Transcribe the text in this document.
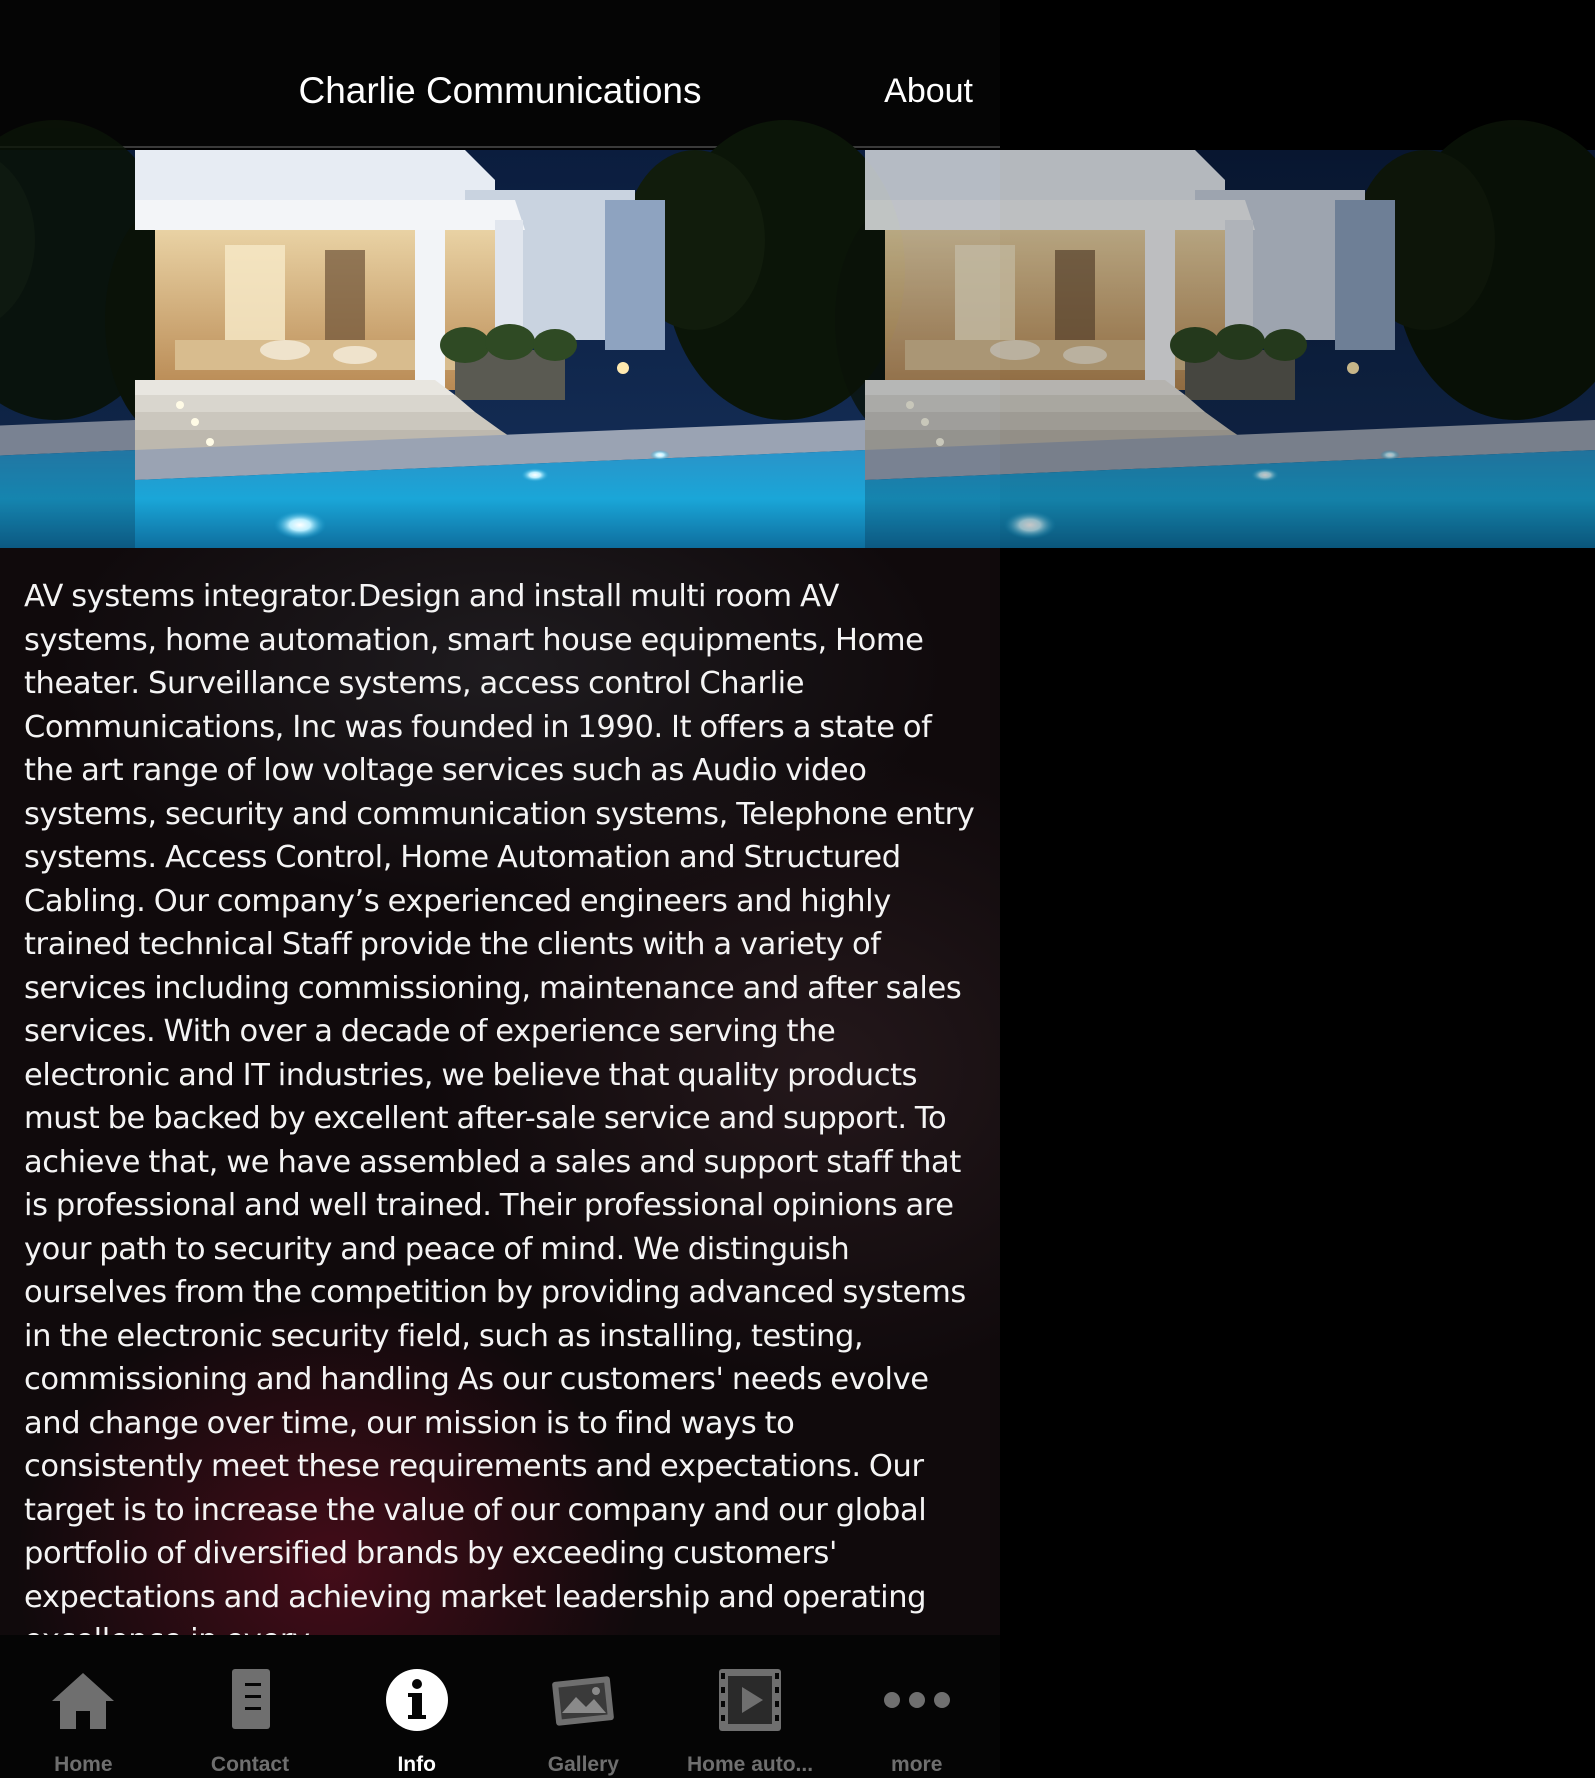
Charlie Communications	About

AV systems integrator.Design and install multi room AV systems, home automation, smart house equipments, Home theater. Surveillance systems, access control Charlie Communications, Inc was founded in 1990. It offers a state of the art range of low voltage services such as Audio video systems, security and communication systems, Telephone entry systems. Access Control, Home Automation and Structured Cabling. Our company’s experienced engineers and highly trained technical Staff provide the clients with a variety of services including commissioning, maintenance and after sales services. With over a decade of experience serving the electronic and IT industries, we believe that quality products must be backed by excellent after-sale service and support. To achieve that, we have assembled a sales and support staff that is professional and well trained. Their professional opinions are your path to security and peace of mind. We distinguish ourselves from the competition by providing advanced systems in the electronic security field, such as installing, testing, commissioning and handling As our customers' needs evolve and change over time, our mission is to find ways to consistently meet these requirements and expectations. Our target is to increase the value of our company and our global portfolio of diversified brands by exceeding customers' expectations and achieving market leadership and operating

Home	Contact	Info	Gallery	Home auto...	more
